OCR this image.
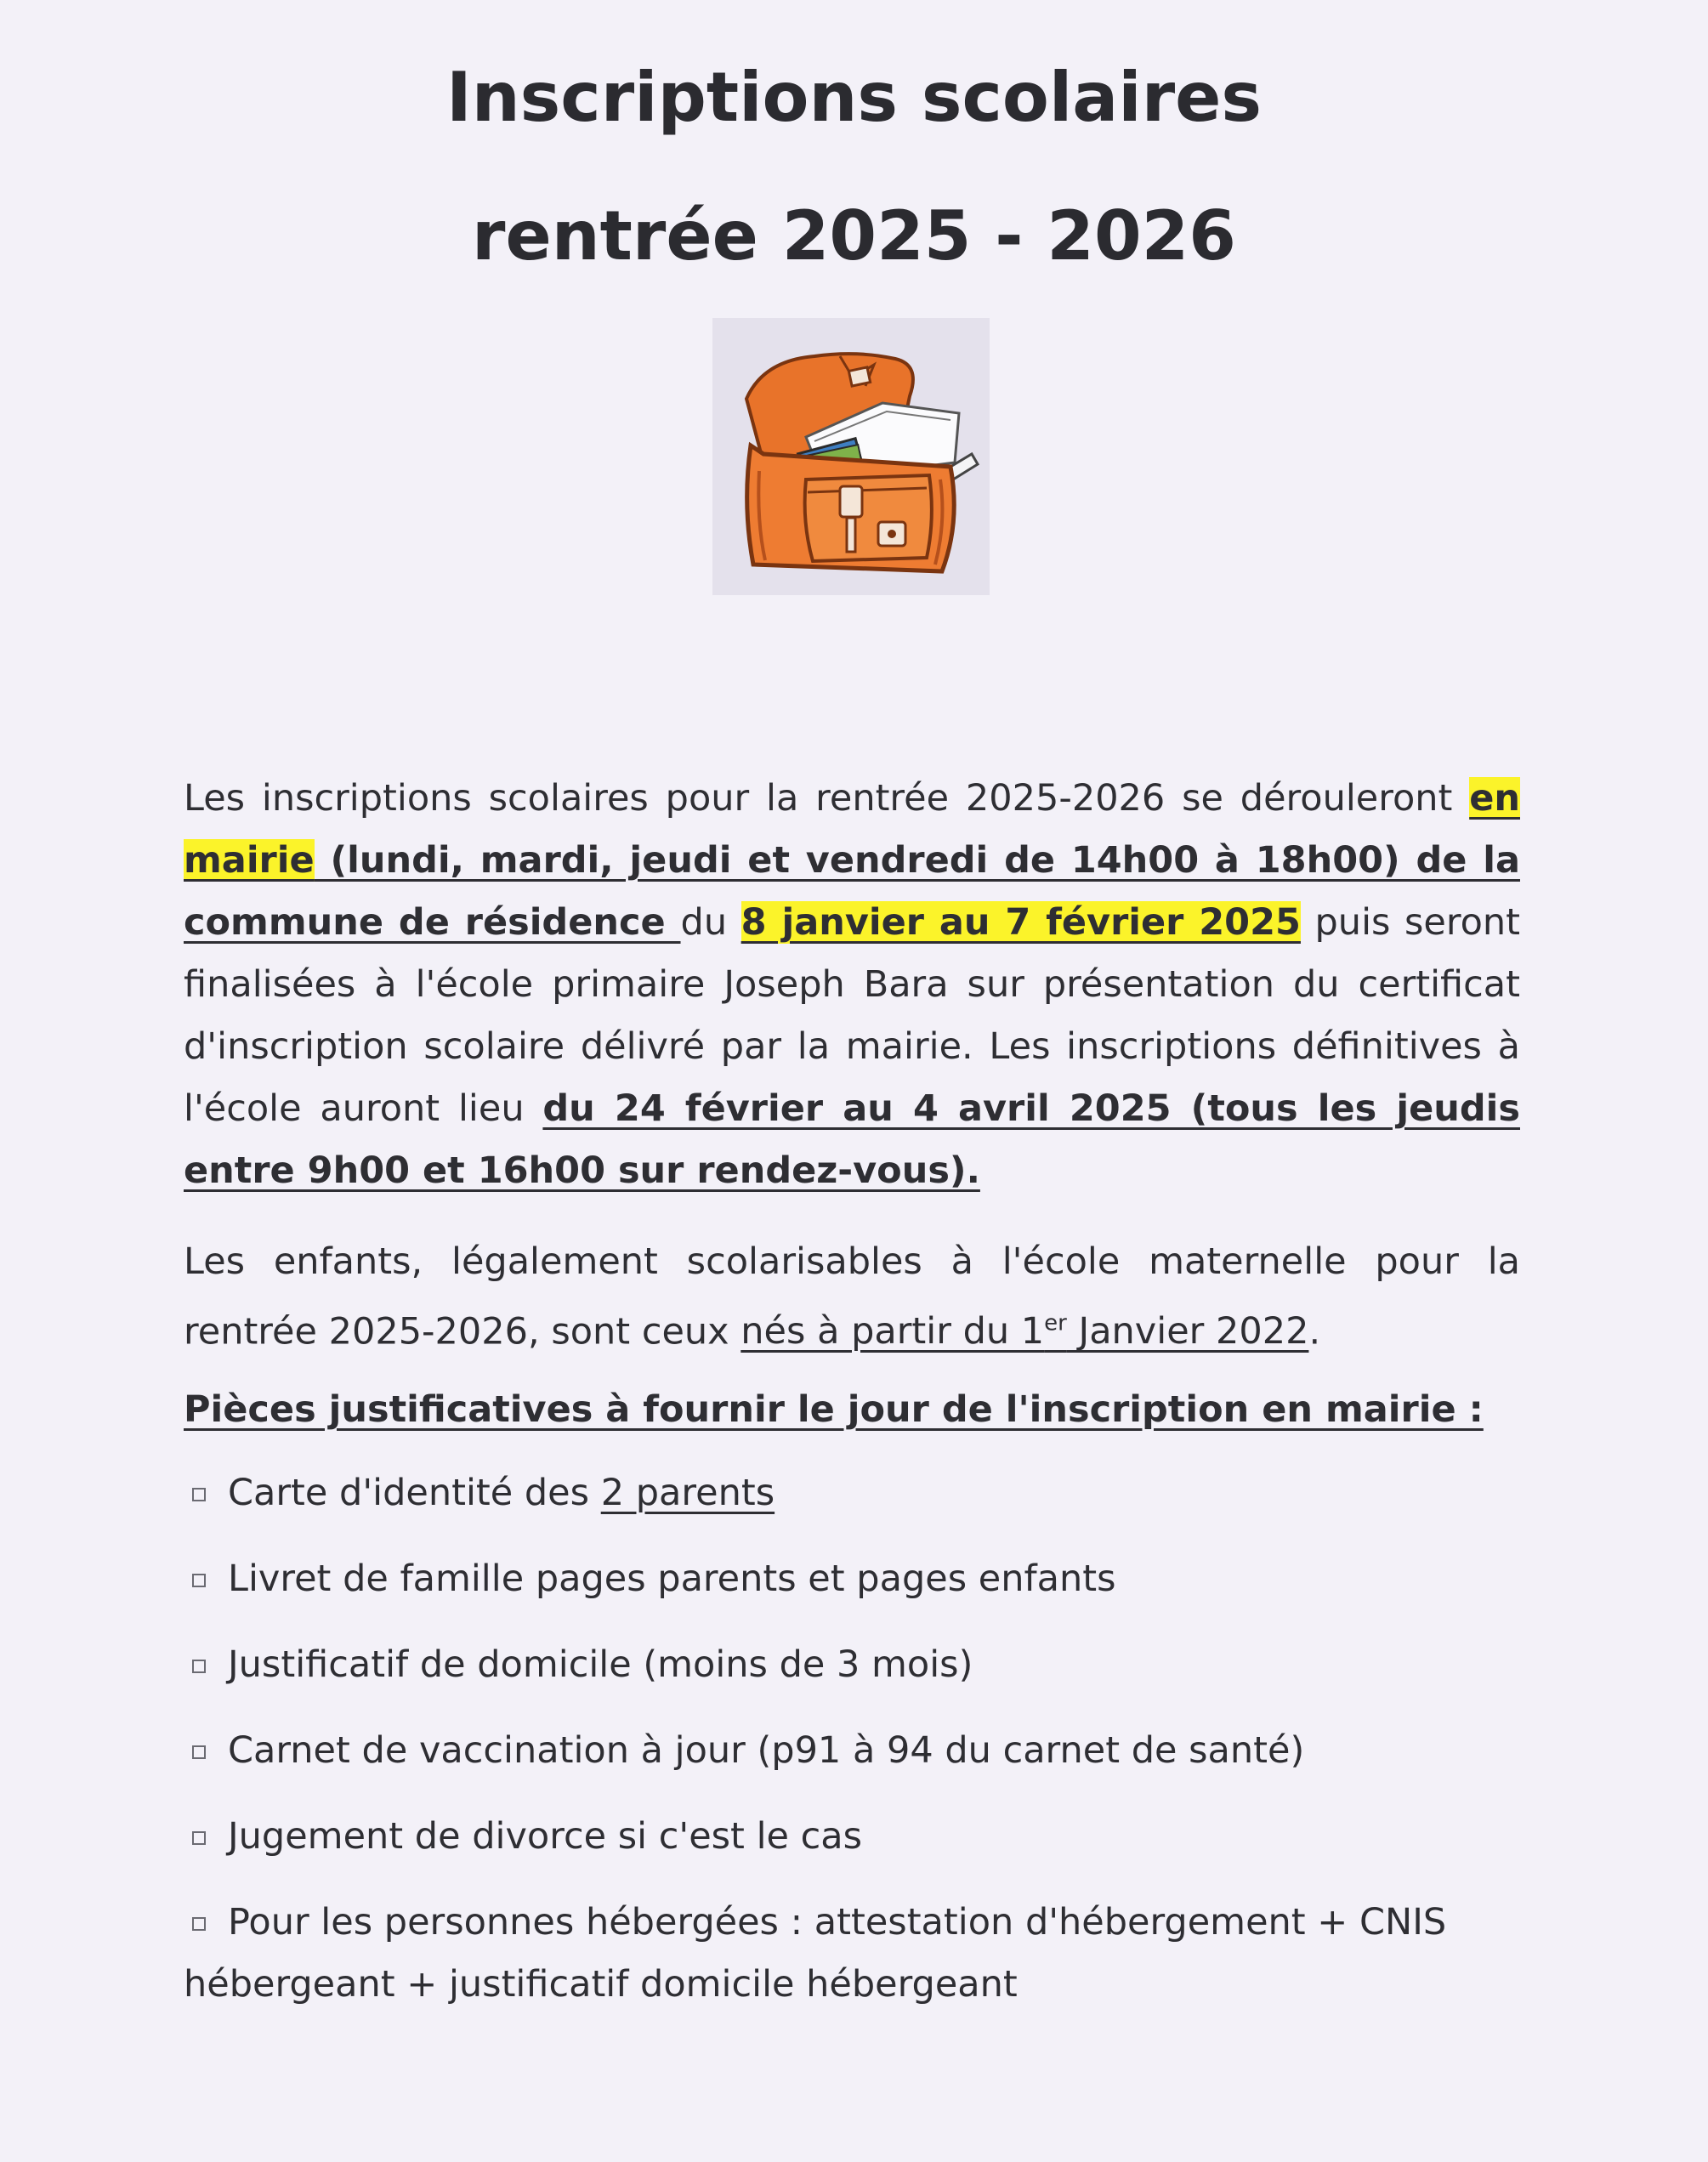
Inscriptions scolaires
rentrée 2025 - 2026

Les inscriptions scolaires pour la rentrée 2025-2026 se dérouleront en mairie (lundi, mardi, jeudi et vendredi de 14h00 à 18h00) de la commune de résidence du 8 janvier au 7 février 2025 puis seront finalisées à l'école primaire Joseph Bara sur présentation du certificat d'inscription scolaire délivré par la mairie. Les inscriptions définitives à l'école auront lieu du 24 février au 4 avril 2025 (tous les jeudis entre 9h00 et 16h00 sur rendez-vous).

Les enfants, légalement scolarisables à l'école maternelle pour la rentrée 2025-2026, sont ceux nés à partir du 1er Janvier 2022.

Pièces justificatives à fournir le jour de l'inscription en mairie :

Carte d'identité des 2 parents
Livret de famille pages parents et pages enfants
Justificatif de domicile (moins de 3 mois)
Carnet de vaccination à jour (p91 à 94 du carnet de santé)
Jugement de divorce si c'est le cas
Pour les personnes hébergées : attestation d'hébergement + CNIS hébergeant + justificatif domicile hébergeant
